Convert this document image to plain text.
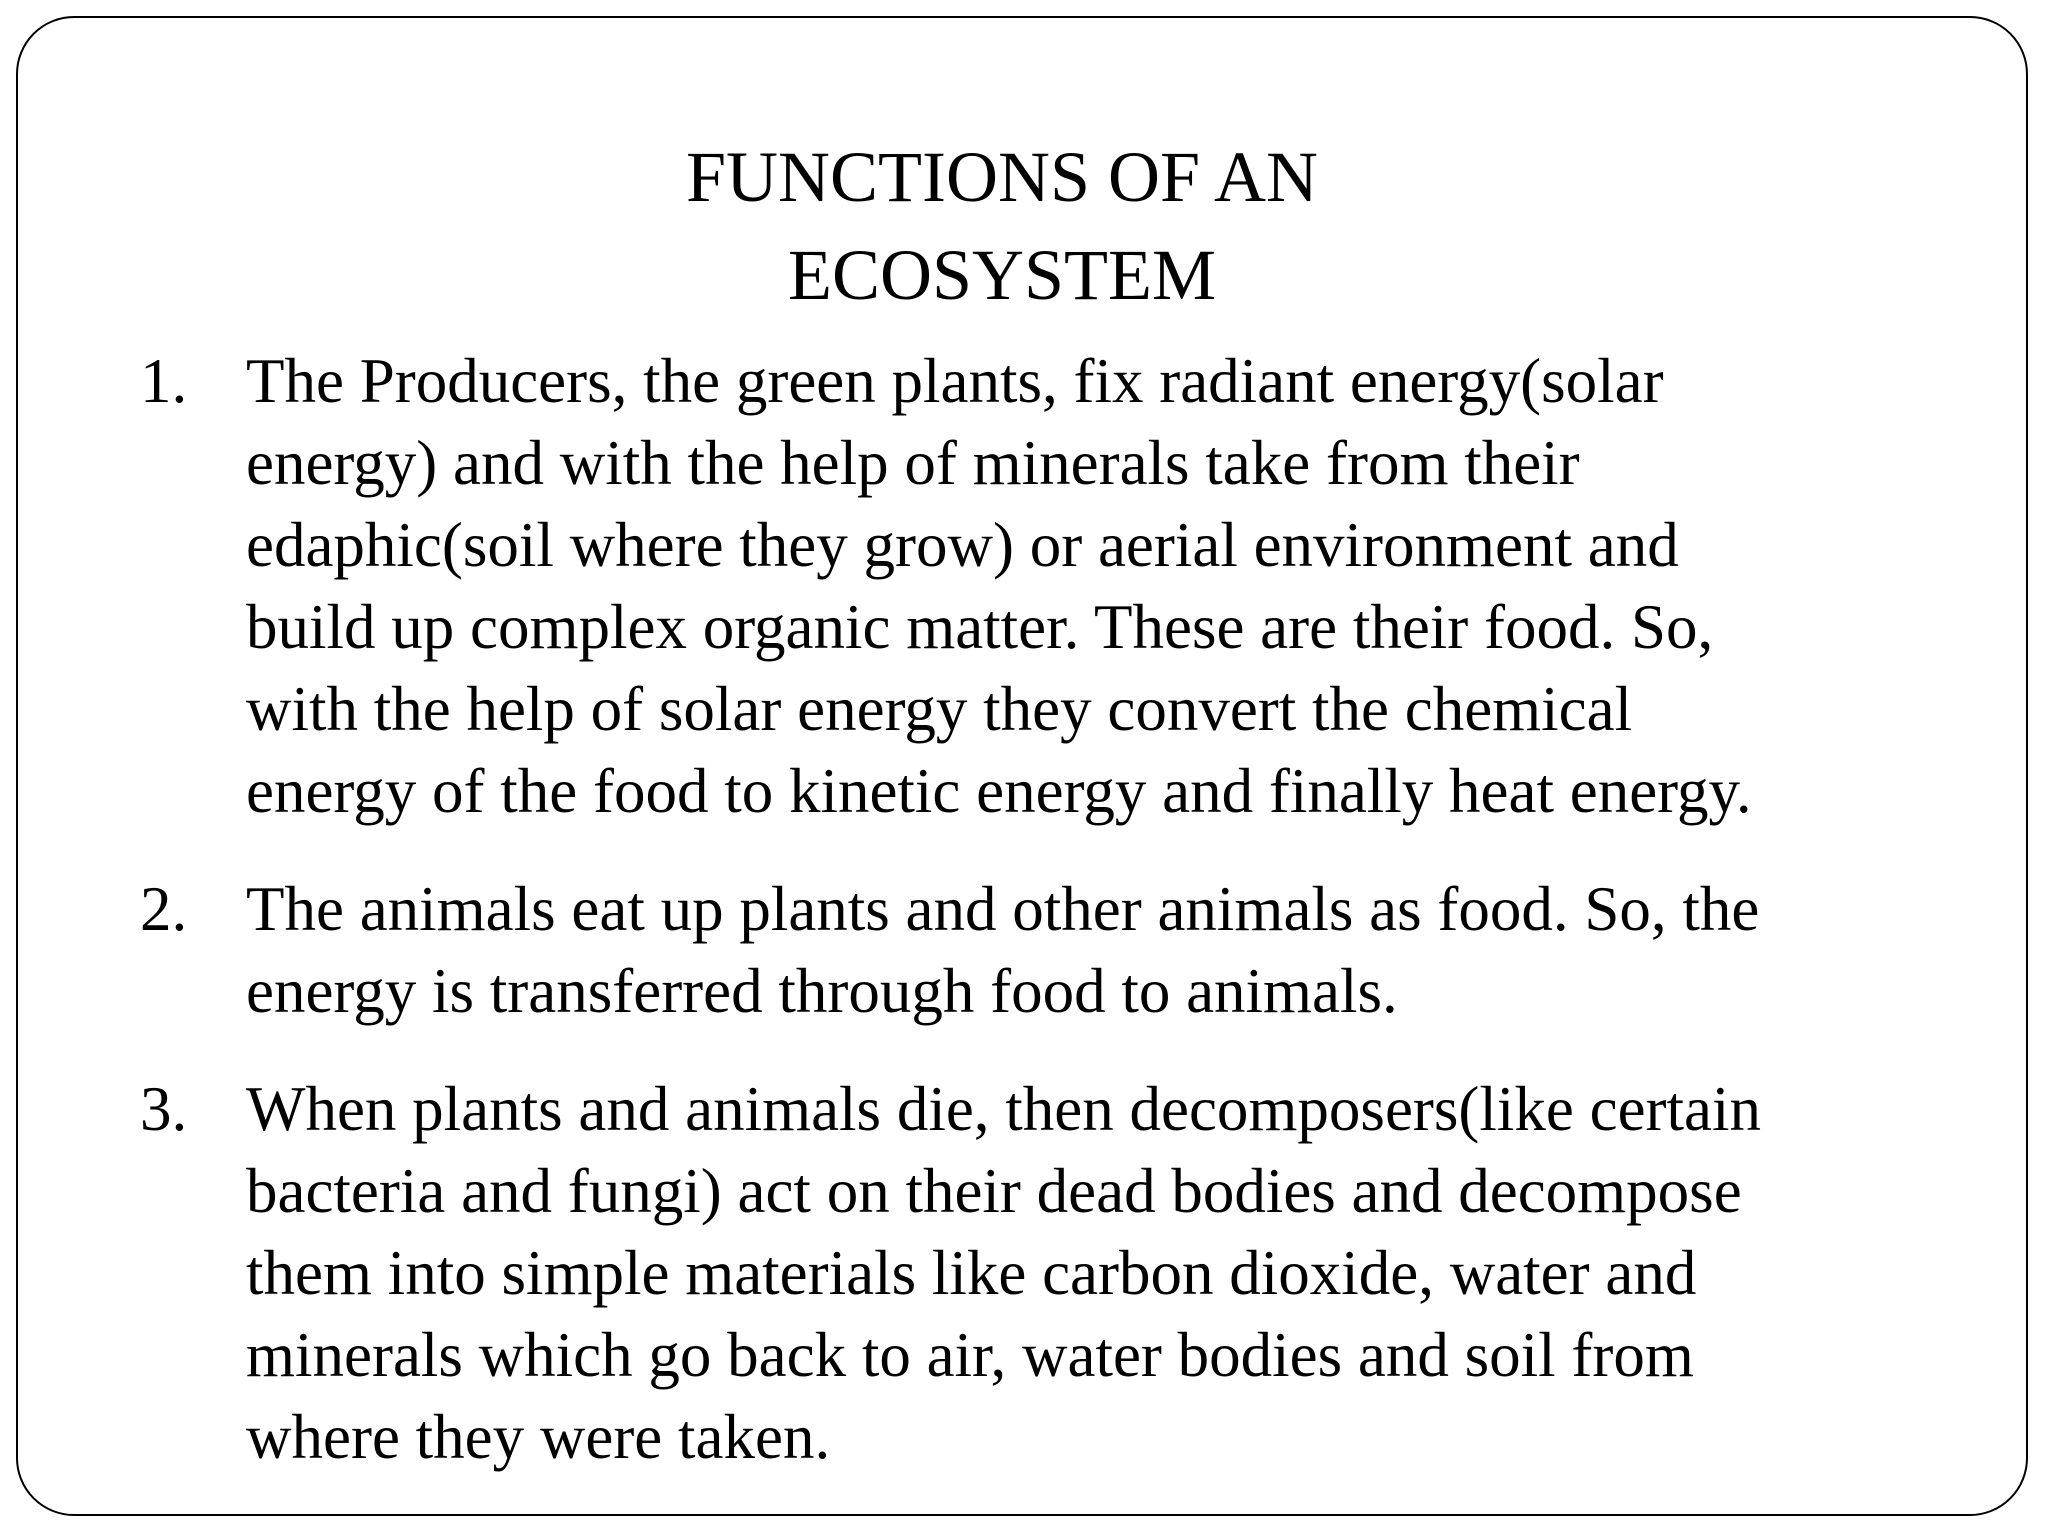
FUNCTIONS OF AN
ECOSYSTEM
1. The Producers, the green plants, fix radiant energy(solar
energy) and with the help of minerals take from their
edaphic(soil where they grow) or aerial environment and
build up complex organic matter. These are their food. So,
with the help of solar energy they convert the chemical
energy of the food to kinetic energy and finally heat energy.
2. The animals eat up plants and other animals as food. So, the
energy is transferred through food to animals.
3. When plants and animals die, then decomposers(like certain
bacteria and fungi) act on their dead bodies and decompose
them into simple materials like carbon dioxide, water and
minerals which go back to air, water bodies and soil from
where they were taken.
